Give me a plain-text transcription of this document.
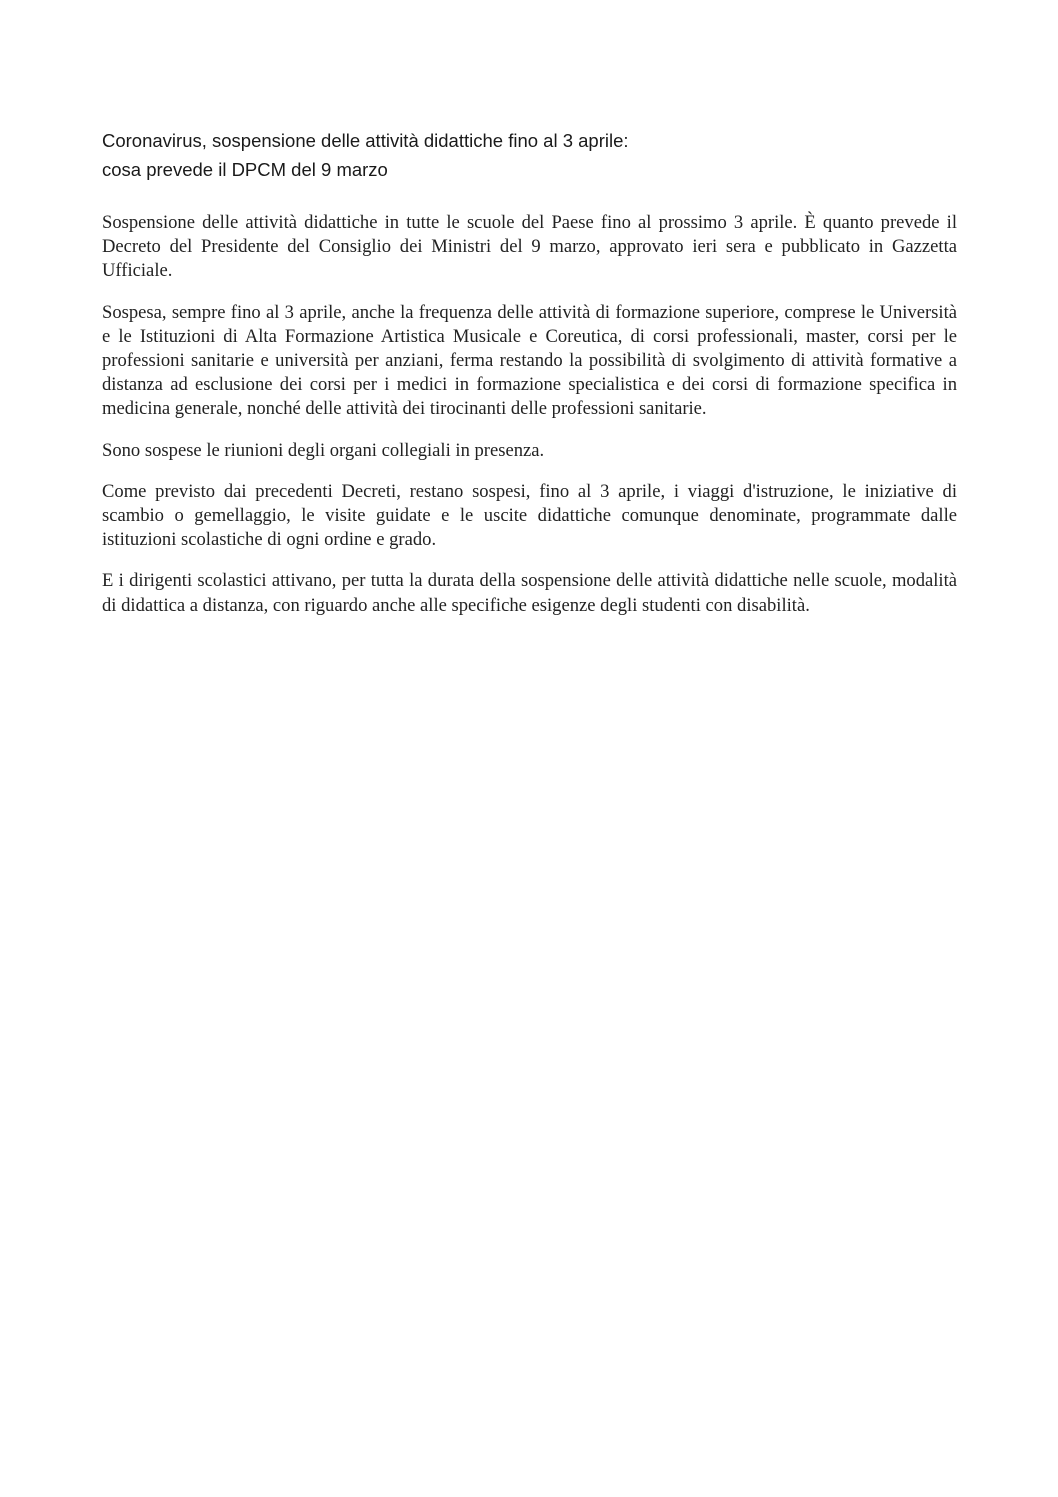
Coronavirus, sospensione delle attività didattiche fino al 3 aprile:
cosa prevede il DPCM del 9 marzo

Sospensione delle attività didattiche in tutte le scuole del Paese fino al prossimo 3 aprile. È quanto prevede il Decreto del Presidente del Consiglio dei Ministri del 9 marzo, approvato ieri sera e pubblicato in Gazzetta Ufficiale.

Sospesa, sempre fino al 3 aprile, anche la frequenza delle attività di formazione superiore, comprese le Università e le Istituzioni di Alta Formazione Artistica Musicale e Coreutica, di corsi professionali, master, corsi per le professioni sanitarie e università per anziani, ferma restando la possibilità di svolgimento di attività formative a distanza ad esclusione dei corsi per i medici in formazione specialistica e dei corsi di formazione specifica in medicina generale, nonché delle attività dei tirocinanti delle professioni sanitarie.

Sono sospese le riunioni degli organi collegiali in presenza.

Come previsto dai precedenti Decreti, restano sospesi, fino al 3 aprile, i viaggi d'istruzione, le iniziative di scambio o gemellaggio, le visite guidate e le uscite didattiche comunque denominate, programmate dalle istituzioni scolastiche di ogni ordine e grado.

E i dirigenti scolastici attivano, per tutta la durata della sospensione delle attività didattiche nelle scuole, modalità di didattica a distanza, con riguardo anche alle specifiche esigenze degli studenti con disabilità.
